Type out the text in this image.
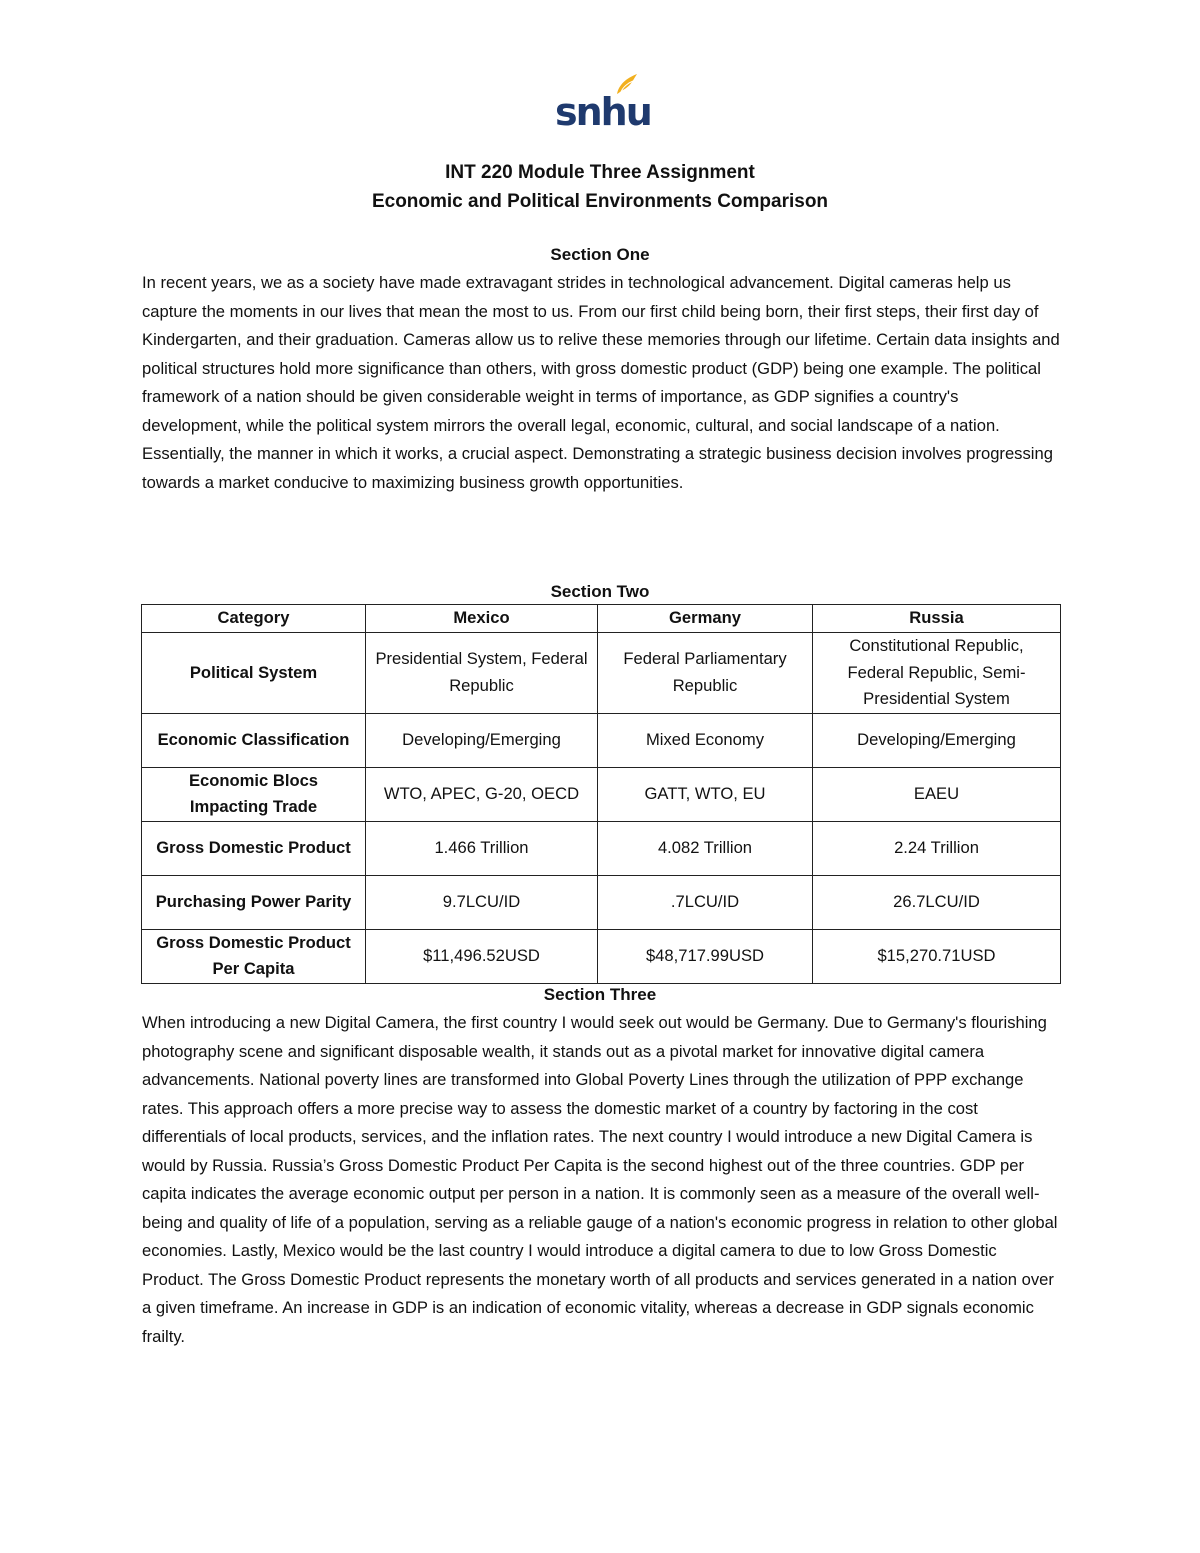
snhu
INT 220 Module Three Assignment
Economic and Political Environments Comparison
Section One

In recent years, we as a society have made extravagant strides in technological advancement. Digital cameras help us capture the moments in our lives that mean the most to us. From our first child being born, their first steps, their first day of Kindergarten, and their graduation. Cameras allow us to relive these memories through our lifetime. Certain data insights and political structures hold more significance than others, with gross domestic product (GDP) being one example. The political framework of a nation should be given considerable weight in terms of importance, as GDP signifies a country's development, while the political system mirrors the overall legal, economic, cultural, and social landscape of a nation. Essentially, the manner in which it works, a crucial aspect. Demonstrating a strategic business decision involves progressing towards a market conducive to maximizing business growth opportunities.

Section Two
Category	Mexico	Germany	Russia
Political System	Presidential System, Federal Republic	Federal Parliamentary Republic	Constitutional Republic, Federal Republic, Semi-Presidential System
Economic Classification	Developing/Emerging	Mixed Economy	Developing/Emerging
Economic Blocs Impacting Trade	WTO, APEC, G-20, OECD	GATT, WTO, EU	EAEU
Gross Domestic Product	1.466 Trillion	4.082 Trillion	2.24 Trillion
Purchasing Power Parity	9.7LCU/ID	.7LCU/ID	26.7LCU/ID
Gross Domestic Product Per Capita	$11,496.52USD	$48,717.99USD	$15,270.71USD
Section Three

When introducing a new Digital Camera, the first country I would seek out would be Germany. Due to Germany's flourishing photography scene and significant disposable wealth, it stands out as a pivotal market for innovative digital camera advancements. National poverty lines are transformed into Global Poverty Lines through the utilization of PPP exchange rates. This approach offers a more precise way to assess the domestic market of a country by factoring in the cost differentials of local products, services, and the inflation rates. The next country I would introduce a new Digital Camera is would by Russia. Russia’s Gross Domestic Product Per Capita is the second highest out of the three countries. GDP per capita indicates the average economic output per person in a nation. It is commonly seen as a measure of the overall well-being and quality of life of a population, serving as a reliable gauge of a nation's economic progress in relation to other global economies. Lastly, Mexico would be the last country I would introduce a digital camera to due to low Gross Domestic Product. The Gross Domestic Product represents the monetary worth of all products and services generated in a nation over a given timeframe. An increase in GDP is an indication of economic vitality, whereas a decrease in GDP signals economic frailty.
